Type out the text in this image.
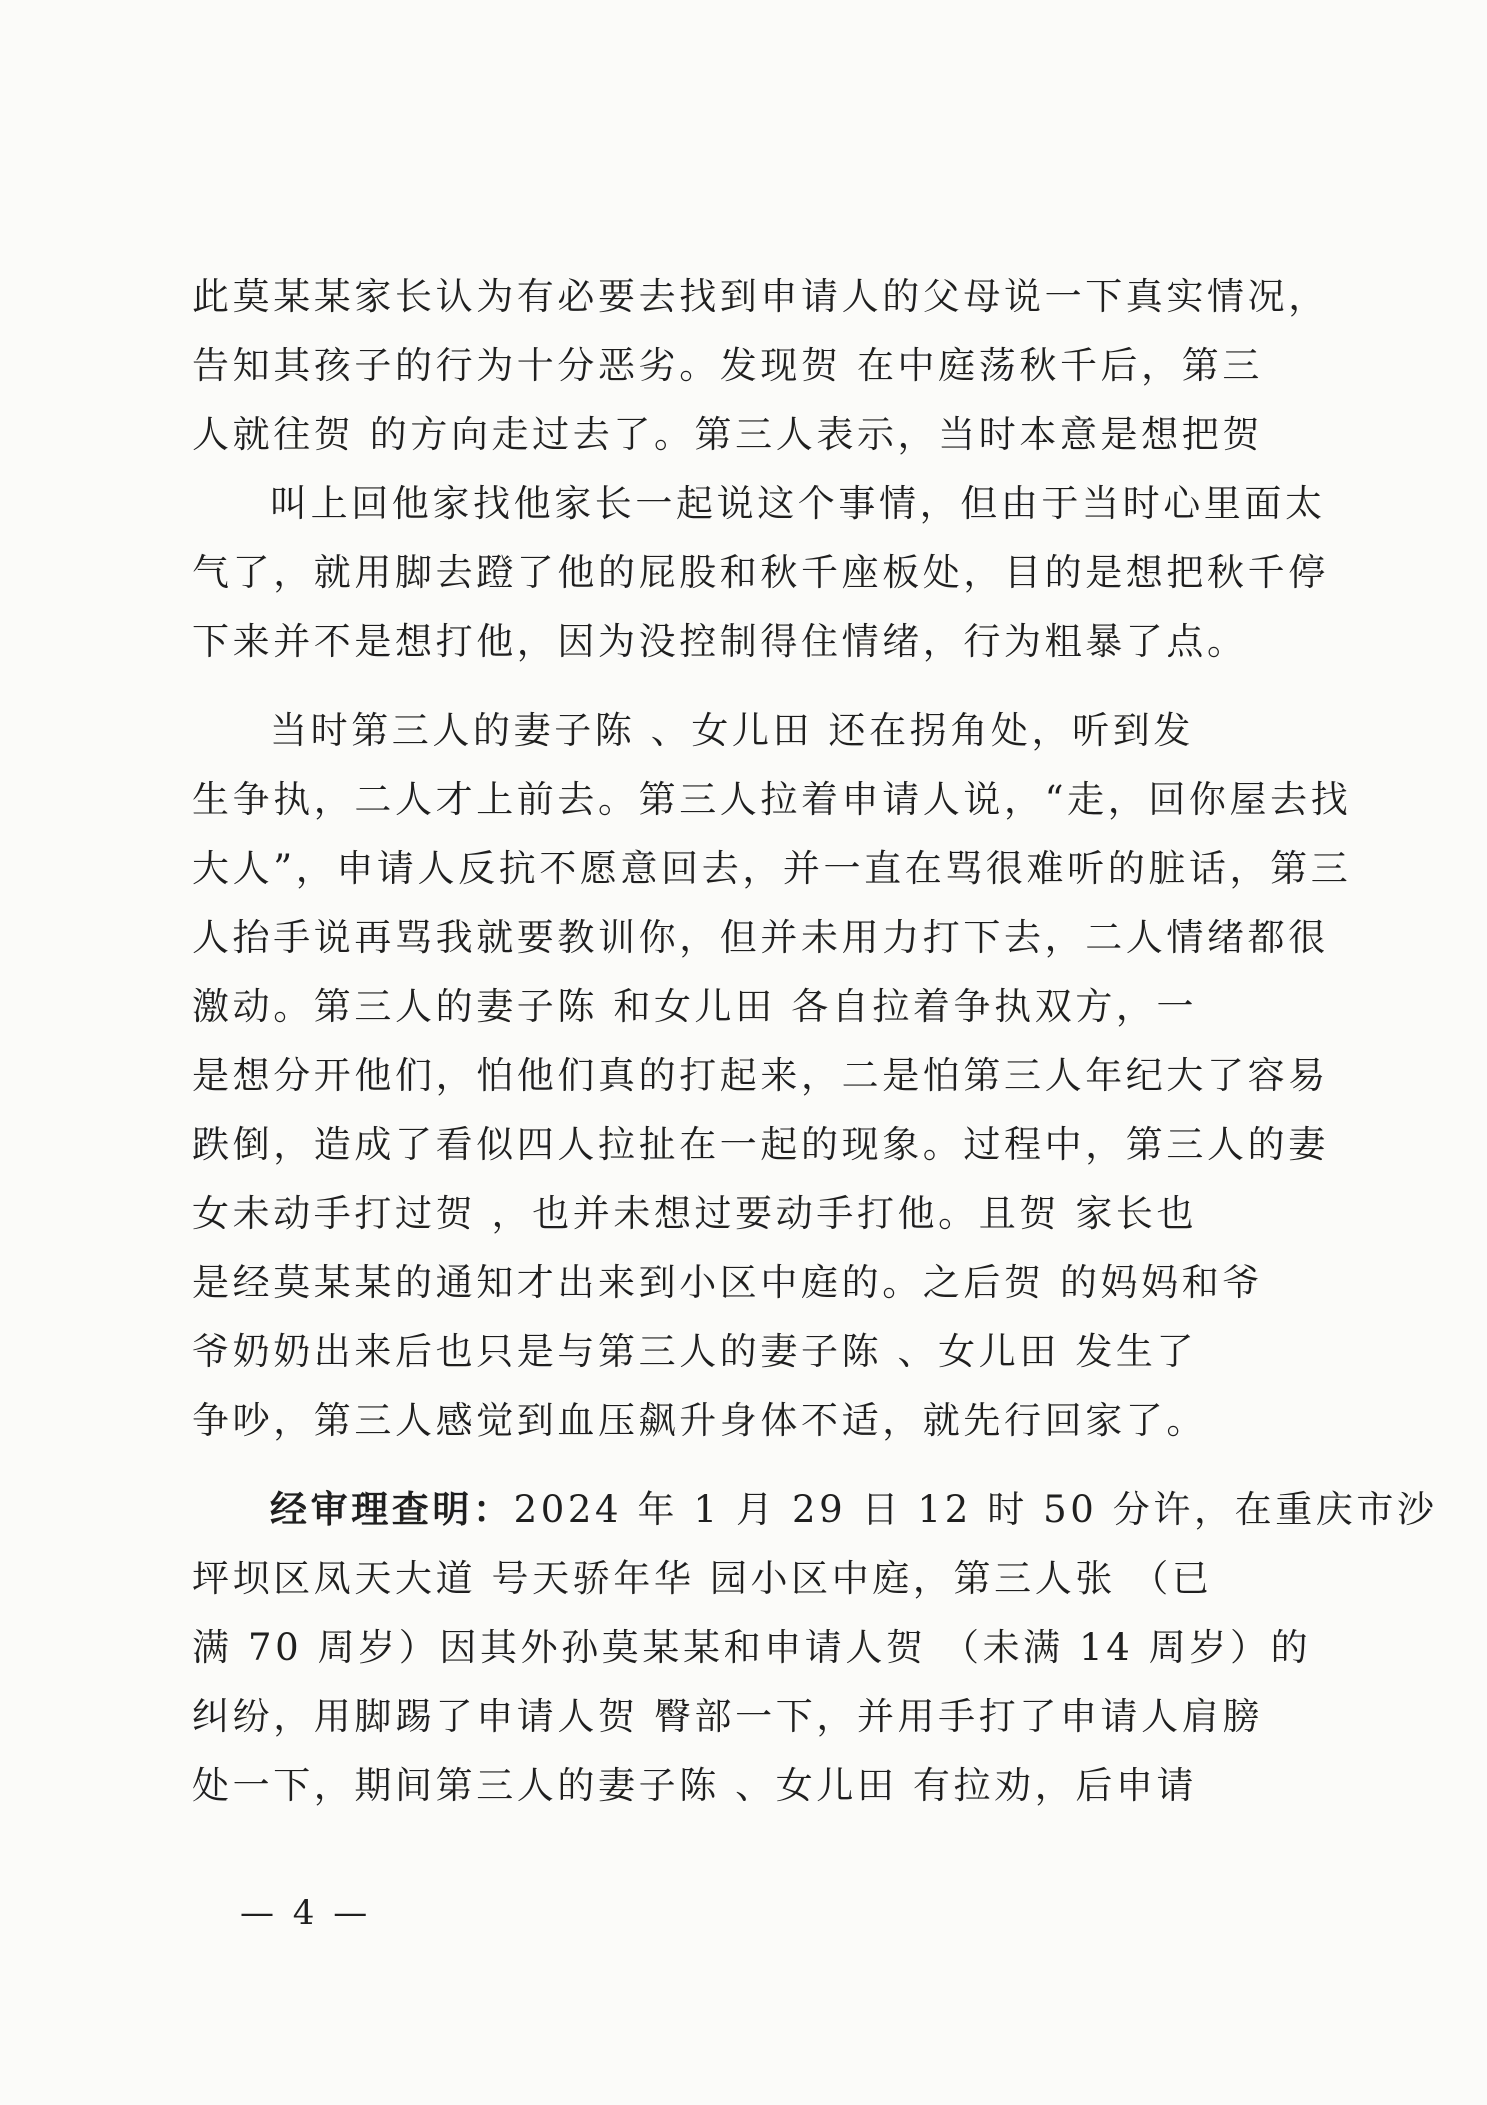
此莫某某家长认为有必要去找到申请人的父母说一下真实情况，
告知其孩子的行为十分恶劣。发现贺 在中庭荡秋千后，第三
人就往贺 的方向走过去了。第三人表示，当时本意是想把贺
叫上回他家找他家长一起说这个事情，但由于当时心里面太
气了，就用脚去蹬了他的屁股和秋千座板处，目的是想把秋千停
下来并不是想打他，因为没控制得住情绪，行为粗暴了点。
当时第三人的妻子陈 、女儿田 还在拐角处，听到发
生争执，二人才上前去。第三人拉着申请人说，“走，回你屋去找
大人”，申请人反抗不愿意回去，并一直在骂很难听的脏话，第三
人抬手说再骂我就要教训你，但并未用力打下去，二人情绪都很
激动。第三人的妻子陈 和女儿田 各自拉着争执双方，一
是想分开他们，怕他们真的打起来，二是怕第三人年纪大了容易
跌倒，造成了看似四人拉扯在一起的现象。过程中，第三人的妻
女未动手打过贺 ，也并未想过要动手打他。且贺 家长也
是经莫某某的通知才出来到小区中庭的。之后贺 的妈妈和爷
爷奶奶出来后也只是与第三人的妻子陈 、女儿田 发生了
争吵，第三人感觉到血压飙升身体不适，就先行回家了。
经审理查明：2024 年 1 月 29 日 12 时 50 分许，在重庆市沙
坪坝区凤天大道 号天骄年华 园小区中庭，第三人张 （已
满 70 周岁）因其外孙莫某某和申请人贺 （未满 14 周岁）的
纠纷，用脚踢了申请人贺 臀部一下，并用手打了申请人肩膀
处一下，期间第三人的妻子陈 、女儿田 有拉劝，后申请
— 4 —
